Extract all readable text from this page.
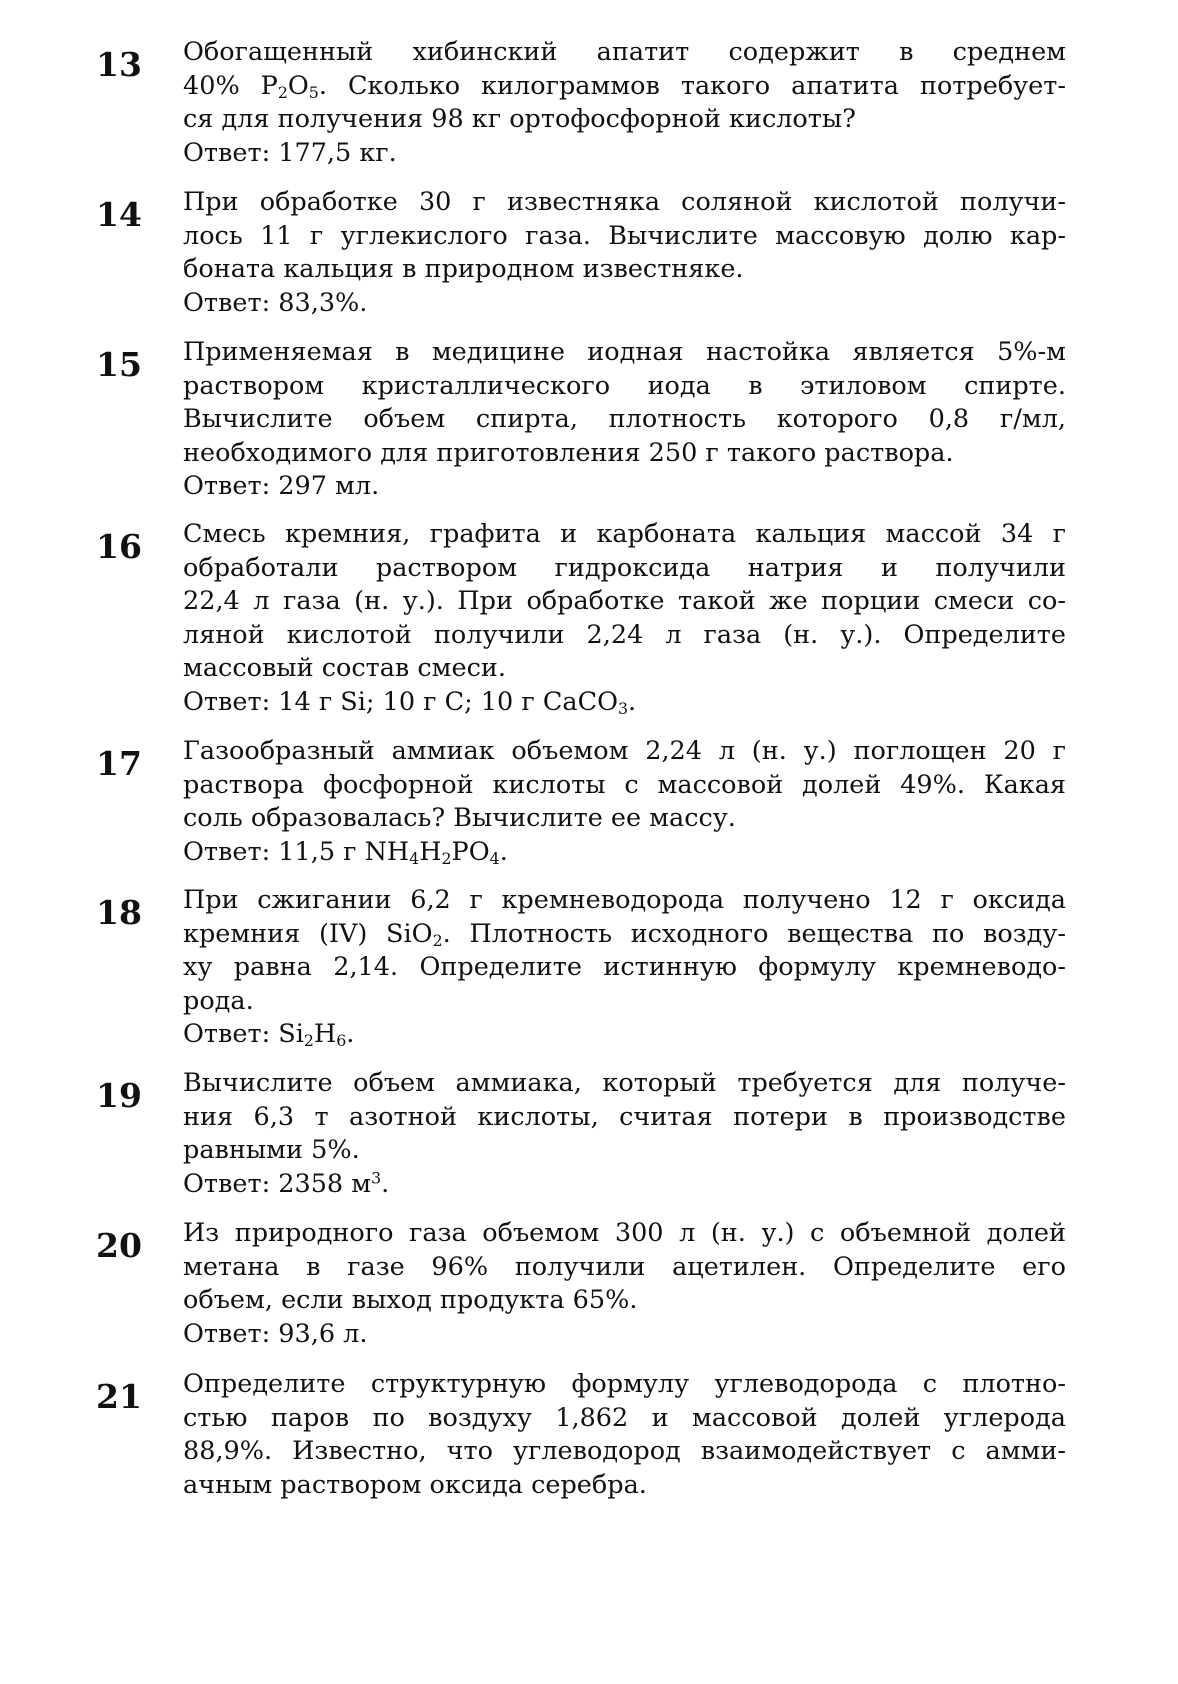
13	Обогащенный хибинский апатит содержит в среднем
40% $P_2O_5$. Сколько килограммов такого апатита потребует-
ся для получения 98 кг ортофосфорной кислоты?
Ответ: 177,5 кг.
14	При обработке 30 г известняка соляной кислотой получи-
лось 11 г углекислого газа. Вычислите массовую долю кар-
боната кальция в природном известняке.
Ответ: 83,3%.
15	Применяемая в медицине иодная настойка является 5%-м
раствором кристаллического иода в этиловом спирте.
Вычислите объем спирта, плотность которого 0,8 г/мл,
необходимого для приготовления 250 г такого раствора.
Ответ: 297 мл.
16	Смесь кремния, графита и карбоната кальция массой 34 г
обработали раствором гидроксида натрия и получили
22,4 л газа (н. у.). При обработке такой же порции смеси со-
ляной кислотой получили 2,24 л газа (н. у.). Определите
массовый состав смеси.
Ответ: 14 г Si; 10 г C; 10 г CaCO$_3$.
17	Газообразный аммиак объемом 2,24 л (н. у.) поглощен 20 г
раствора фосфорной кислоты с массовой долей 49%. Какая
соль образовалась? Вычислите ее массу.
Ответ: 11,5 г $NH_4H_2PO_4$.
18	При сжигании 6,2 г кремневодорода получено 12 г оксида
кремния (IV) SiO$_2$. Плотность исходного вещества по возду-
ху равна 2,14. Определите истинную формулу кремневодо-
рода.
Ответ: $Si_2H_6$.
19	Вычислите объем аммиака, который требуется для получе-
ния 6,3 т азотной кислоты, считая потери в производстве
равными 5%.
Ответ: 2358 $м^3$.
20	Из природного газа объемом 300 л (н. у.) с объемной долей
метана в газе 96% получили ацетилен. Определите его
объем, если выход продукта 65%.
Ответ: 93,6 л.
21	Определите структурную формулу углеводорода с плотно-
стью паров по воздуху 1,862 и массовой долей углерода
88,9%. Известно, что углеводород взаимодействует с амми-
ачным раствором оксида серебра.
